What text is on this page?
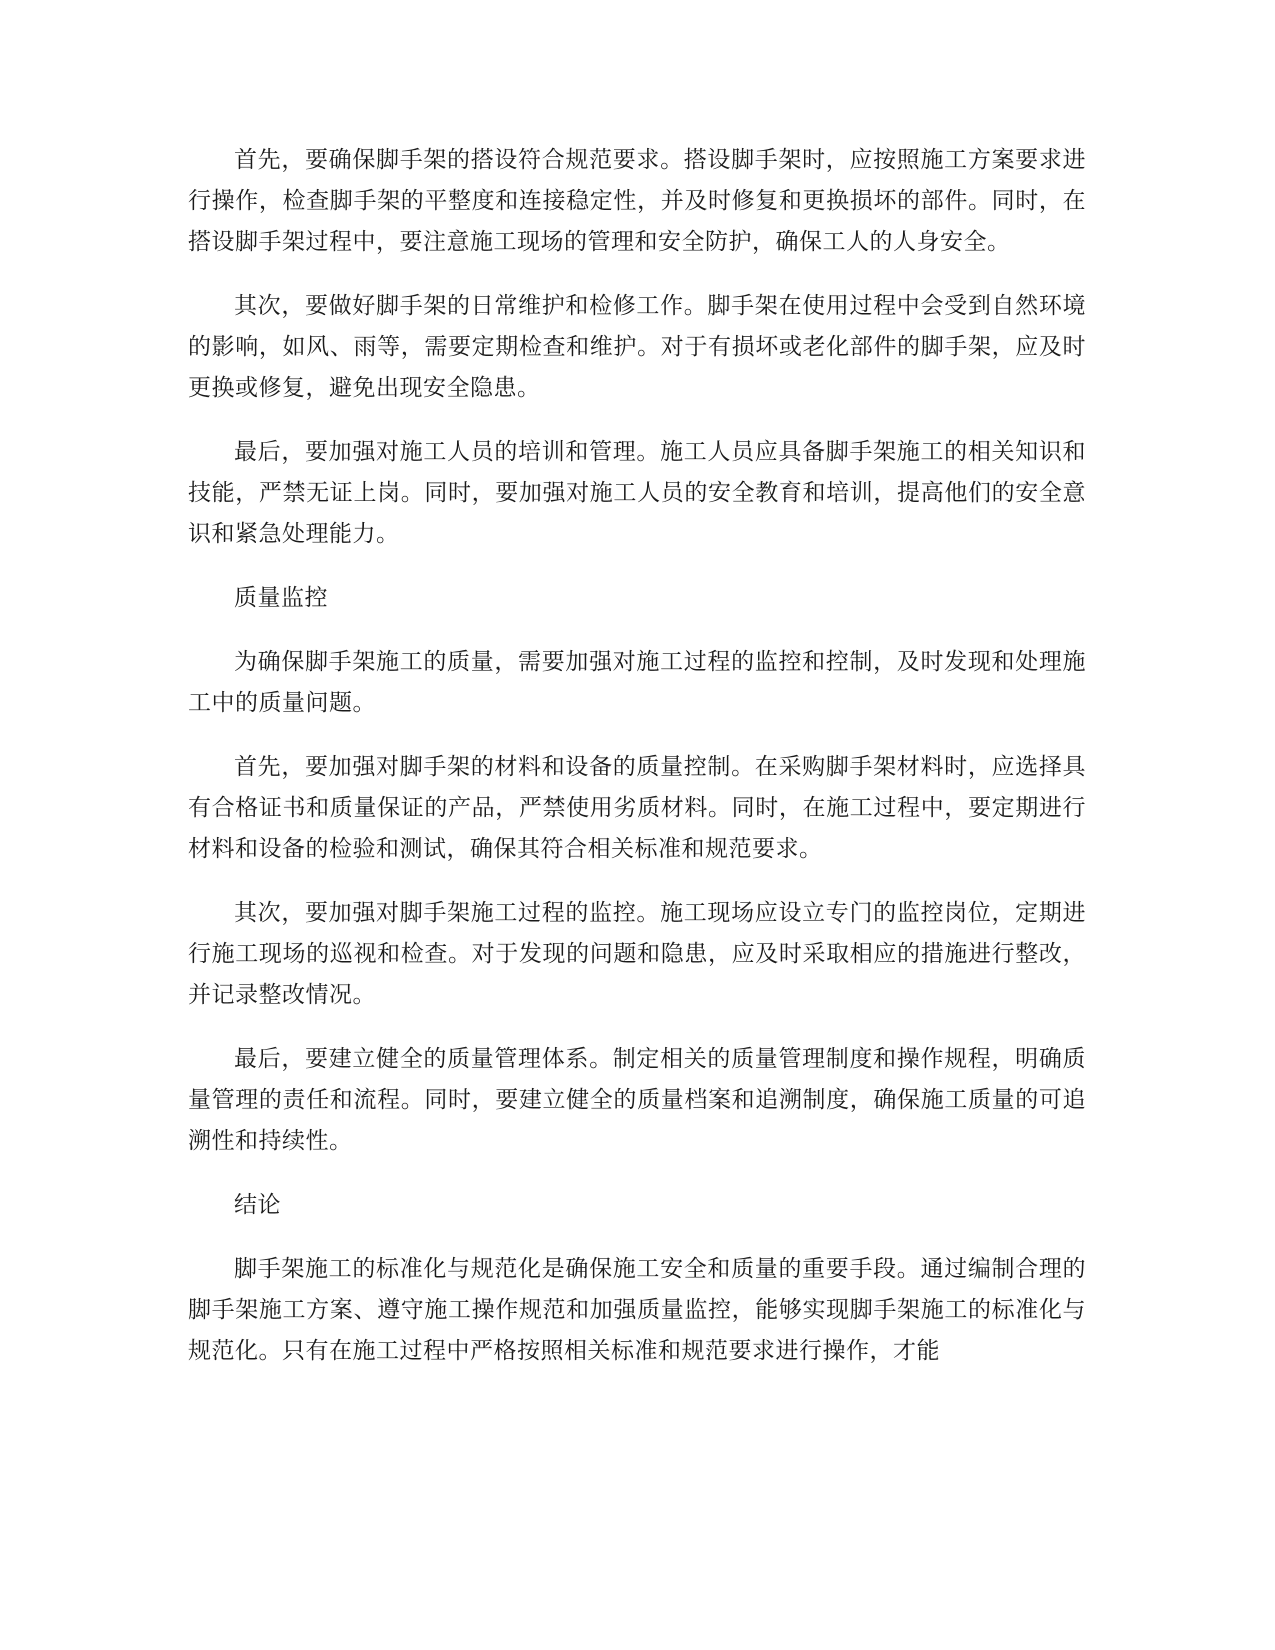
首先，要确保脚手架的搭设符合规范要求。搭设脚手架时，应按照施工方案要求进行操作，检查脚手架的平整度和连接稳定性，并及时修复和更换损坏的部件。同时，在搭设脚手架过程中，要注意施工现场的管理和安全防护，确保工人的人身安全。

其次，要做好脚手架的日常维护和检修工作。脚手架在使用过程中会受到自然环境的影响，如风、雨等，需要定期检查和维护。对于有损坏或老化部件的脚手架，应及时更换或修复，避免出现安全隐患。

最后，要加强对施工人员的培训和管理。施工人员应具备脚手架施工的相关知识和技能，严禁无证上岗。同时，要加强对施工人员的安全教育和培训，提高他们的安全意识和紧急处理能力。

质量监控

为确保脚手架施工的质量，需要加强对施工过程的监控和控制，及时发现和处理施工中的质量问题。

首先，要加强对脚手架的材料和设备的质量控制。在采购脚手架材料时，应选择具有合格证书和质量保证的产品，严禁使用劣质材料。同时，在施工过程中，要定期进行材料和设备的检验和测试，确保其符合相关标准和规范要求。

其次，要加强对脚手架施工过程的监控。施工现场应设立专门的监控岗位，定期进行施工现场的巡视和检查。对于发现的问题和隐患，应及时采取相应的措施进行整改，并记录整改情况。

最后，要建立健全的质量管理体系。制定相关的质量管理制度和操作规程，明确质量管理的责任和流程。同时，要建立健全的质量档案和追溯制度，确保施工质量的可追溯性和持续性。

结论

脚手架施工的标准化与规范化是确保施工安全和质量的重要手段。通过编制合理的脚手架施工方案、遵守施工操作规范和加强质量监控，能够实现脚手架施工的标准化与规范化。只有在施工过程中严格按照相关标准和规范要求进行操作，才能
